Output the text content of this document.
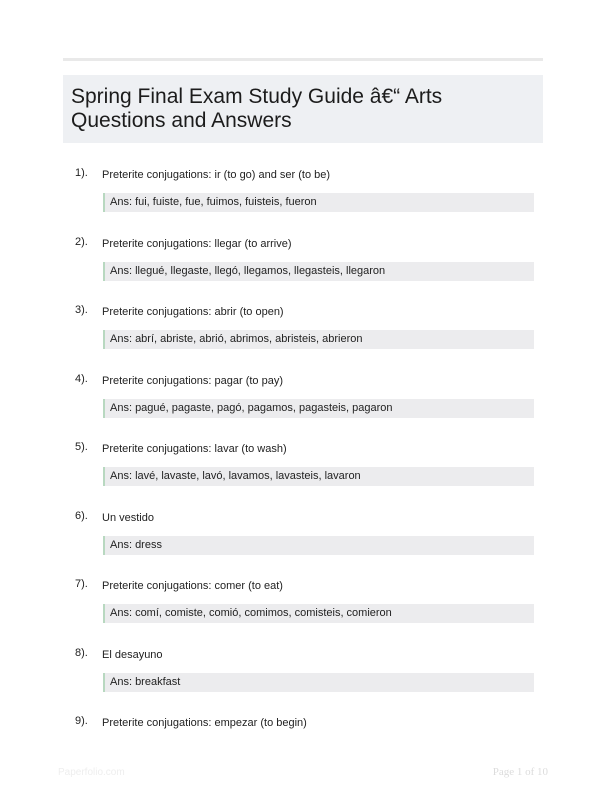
Spring Final Exam Study Guide â€“ Arts Questions and Answers
1). Preterite conjugations: ir (to go) and ser (to be)
Ans: fui, fuiste, fue, fuimos, fuisteis, fueron
2). Preterite conjugations: llegar (to arrive)
Ans: llegué, llegaste, llegó, llegamos, llegasteis, llegaron
3). Preterite conjugations: abrir (to open)
Ans: abrí, abriste, abrió, abrimos, abristeis, abrieron
4). Preterite conjugations: pagar (to pay)
Ans: pagué, pagaste, pagó, pagamos, pagasteis, pagaron
5). Preterite conjugations: lavar (to wash)
Ans: lavé, lavaste, lavó, lavamos, lavasteis, lavaron
6). Un vestido
Ans: dress
7). Preterite conjugations: comer (to eat)
Ans: comí, comiste, comió, comimos, comisteis, comieron
8). El desayuno
Ans: breakfast
9). Preterite conjugations: empezar (to begin)
Paperfolio.com	Page 1 of 10
